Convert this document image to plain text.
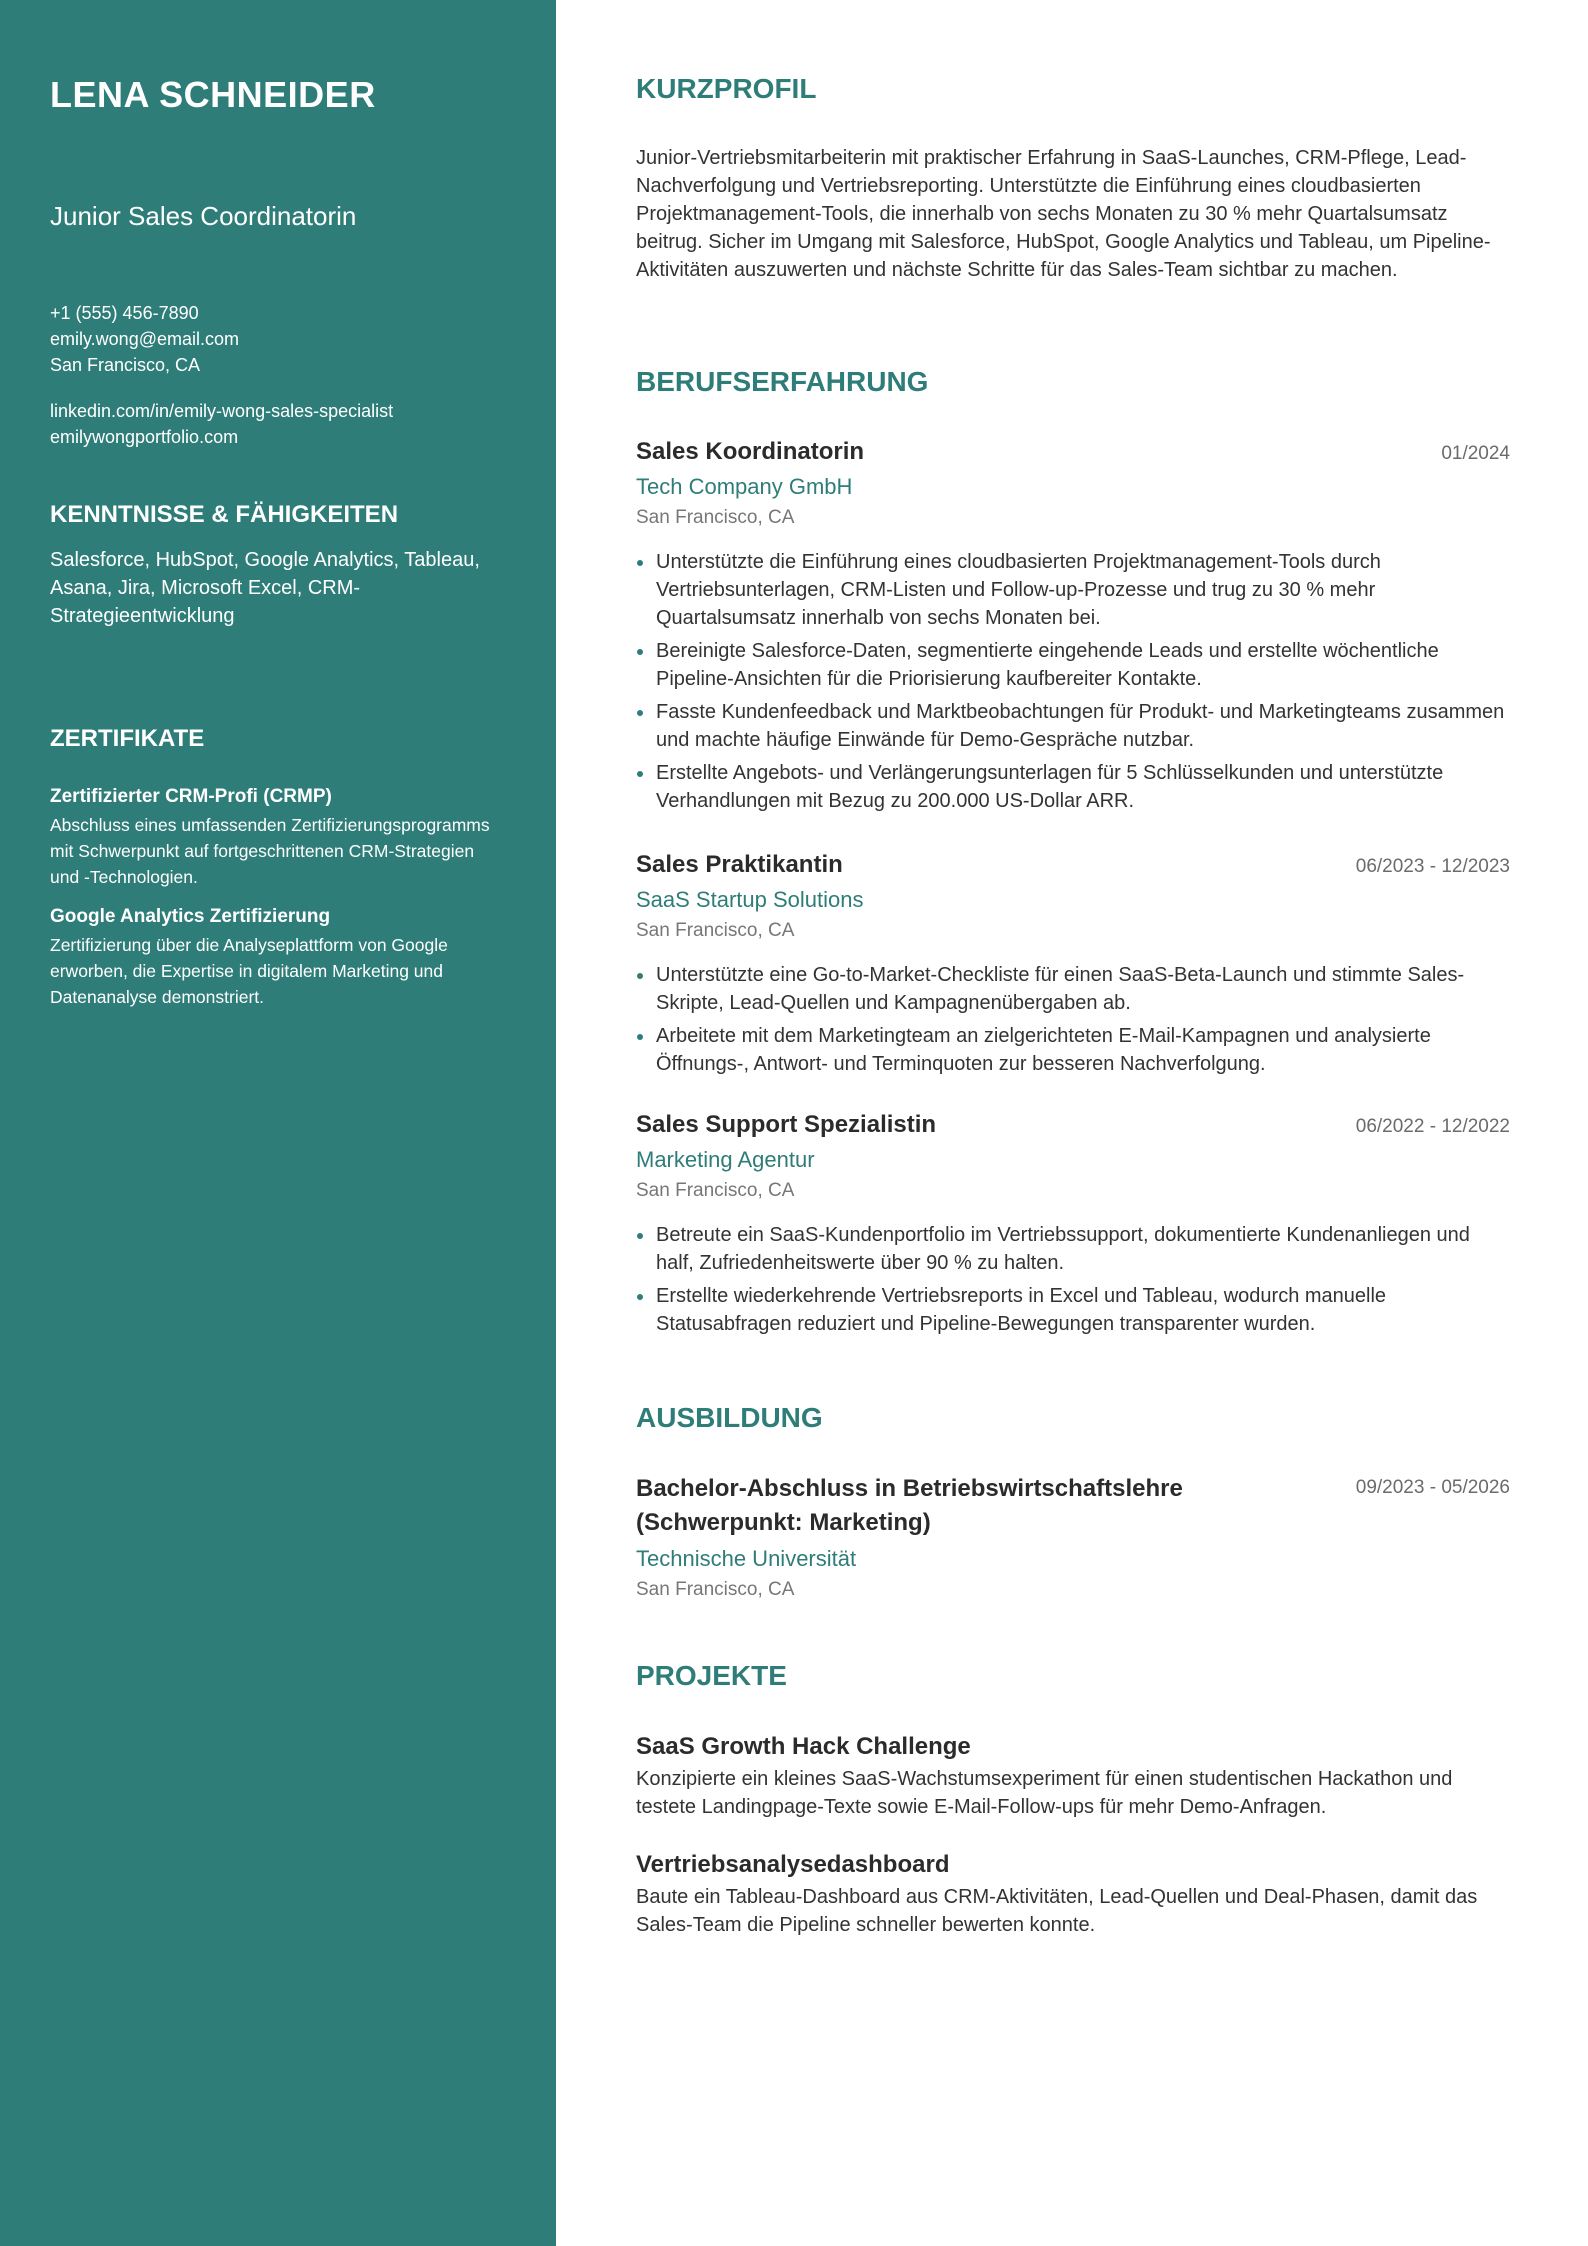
LENA SCHNEIDER
Junior Sales Coordinatorin
+1 (555) 456-7890
emily.wong@email.com
San Francisco, CA
linkedin.com/in/emily-wong-sales-specialist
emilywongportfolio.com
KENNTNISSE & FÄHIGKEITEN

Salesforce, HubSpot, Google Analytics, Tableau, Asana, Jira, Microsoft Excel, CRM-Strategieentwicklung

ZERTIFIKATE
Zertifizierter CRM-Profi (CRMP)
Abschluss eines umfassenden Zertifizierungsprogramms mit Schwerpunkt auf fortgeschrittenen CRM-Strategien und -Technologien.
Google Analytics Zertifizierung
Zertifizierung über die Analyseplattform von Google erworben, die Expertise in digitalem Marketing und Datenanalyse demonstriert.
KURZPROFIL

Junior-Vertriebsmitarbeiterin mit praktischer Erfahrung in SaaS-Launches, CRM-Pflege, Lead-Nachverfolgung und Vertriebsreporting. Unterstützte die Einführung eines cloudbasierten Projektmanagement-Tools, die innerhalb von sechs Monaten zu 30 % mehr Quartalsumsatz beitrug. Sicher im Umgang mit Salesforce, HubSpot, Google Analytics und Tableau, um Pipeline-Aktivitäten auszuwerten und nächste Schritte für das Sales-Team sichtbar zu machen.

BERUFSERFAHRUNG
Sales Koordinatorin	01/2024
Tech Company GmbH
San Francisco, CA
Unterstützte die Einführung eines cloudbasierten Projektmanagement-Tools durch Vertriebsunterlagen, CRM-Listen und Follow-up-Prozesse und trug zu 30 % mehr Quartalsumsatz innerhalb von sechs Monaten bei.
Bereinigte Salesforce-Daten, segmentierte eingehende Leads und erstellte wöchentliche Pipeline-Ansichten für die Priorisierung kaufbereiter Kontakte.
Fasste Kundenfeedback und Marktbeobachtungen für Produkt- und Marketingteams zusammen und machte häufige Einwände für Demo-Gespräche nutzbar.
Erstellte Angebots- und Verlängerungsunterlagen für 5 Schlüsselkunden und unterstützte Verhandlungen mit Bezug zu 200.000 US-Dollar ARR.
Sales Praktikantin	06/2023 - 12/2023
SaaS Startup Solutions
San Francisco, CA
Unterstützte eine Go-to-Market-Checkliste für einen SaaS-Beta-Launch und stimmte Sales-Skripte, Lead-Quellen und Kampagnenübergaben ab.
Arbeitete mit dem Marketingteam an zielgerichteten E-Mail-Kampagnen und analysierte Öffnungs-, Antwort- und Terminquoten zur besseren Nachverfolgung.
Sales Support Spezialistin	06/2022 - 12/2022
Marketing Agentur
San Francisco, CA
Betreute ein SaaS-Kundenportfolio im Vertriebssupport, dokumentierte Kundenanliegen und half, Zufriedenheitswerte über 90 % zu halten.
Erstellte wiederkehrende Vertriebsreports in Excel und Tableau, wodurch manuelle Statusabfragen reduziert und Pipeline-Bewegungen transparenter wurden.
AUSBILDUNG
Bachelor-Abschluss in Betriebswirtschaftslehre (Schwerpunkt: Marketing)
09/2023 - 05/2026
Technische Universität
San Francisco, CA
PROJEKTE
SaaS Growth Hack Challenge
Konzipierte ein kleines SaaS-Wachstumsexperiment für einen studentischen Hackathon und testete Landingpage-Texte sowie E-Mail-Follow-ups für mehr Demo-Anfragen.
Vertriebsanalysedashboard
Baute ein Tableau-Dashboard aus CRM-Aktivitäten, Lead-Quellen und Deal-Phasen, damit das Sales-Team die Pipeline schneller bewerten konnte.
